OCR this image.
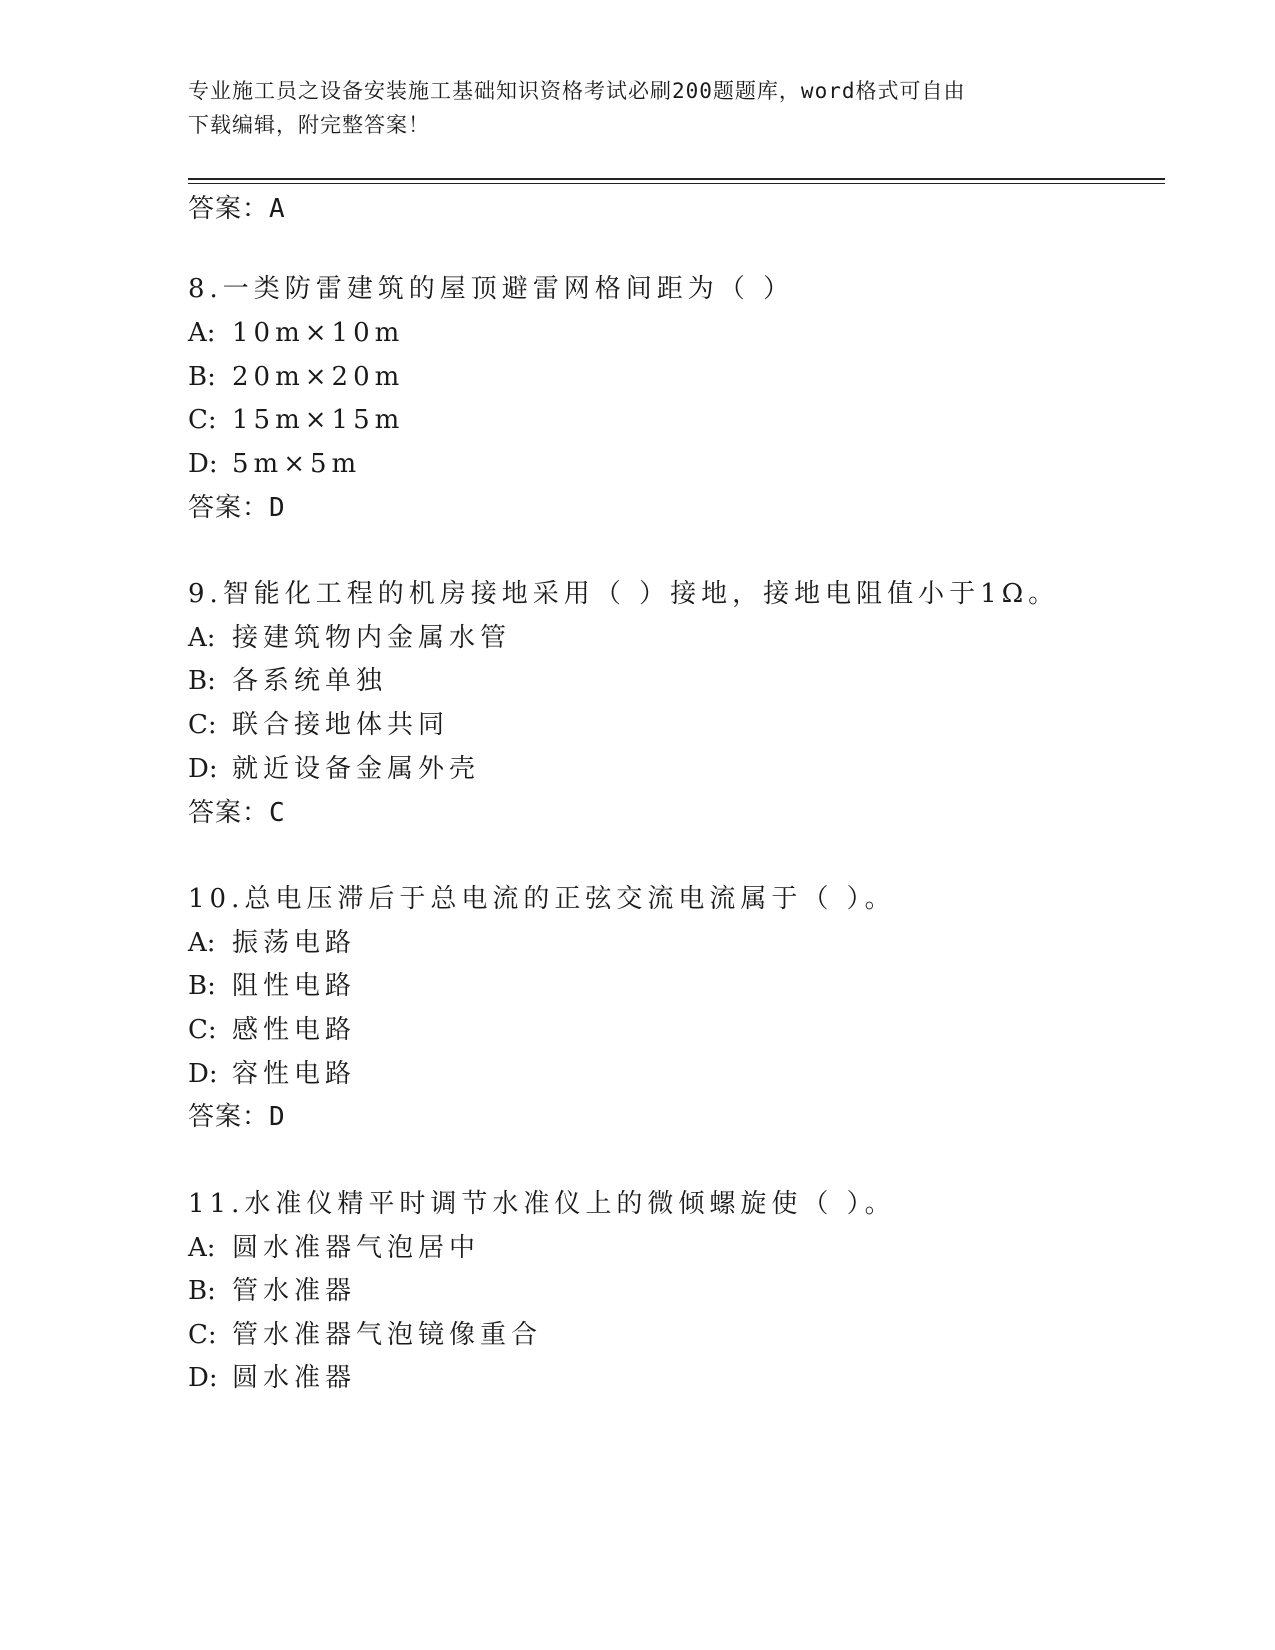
专业施工员之设备安装施工基础知识资格考试必刷200题题库，word格式可自由
下载编辑，附完整答案！
答案：A
8.一类防雷建筑的屋顶避雷网格间距为（ ）
A: 10m×10m
B: 20m×20m
C: 15m×15m
D: 5m×5m
答案：D
9.智能化工程的机房接地采用（ ）接地，接地电阻值小于1Ω。
A: 接建筑物内金属水管
B: 各系统单独
C: 联合接地体共同
D: 就近设备金属外壳
答案：C
10.总电压滞后于总电流的正弦交流电流属于（ ）。
A: 振荡电路
B: 阻性电路
C: 感性电路
D: 容性电路
答案：D
11.水准仪精平时调节水准仪上的微倾螺旋使（ ）。
A: 圆水准器气泡居中
B: 管水准器
C: 管水准器气泡镜像重合
D: 圆水准器
